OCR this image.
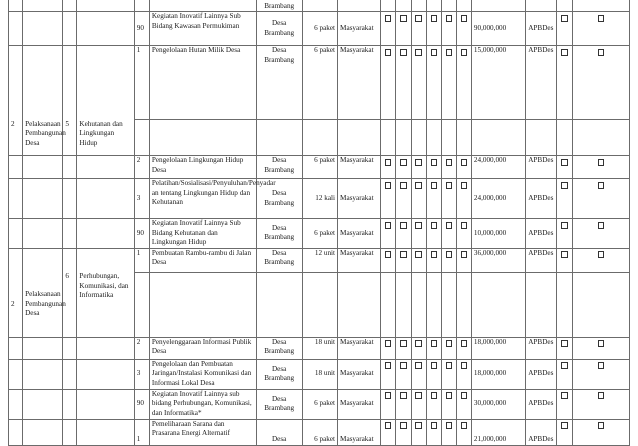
						Brambang												
				90	Kegiatan Inovatif Lainnya Sub Bidang Kawasan Permukiman	Desa Brambang	6 paket	Masyarakat							90,000,000	APBDes		
				1	Pengelolaan Hutan Milik Desa	Desa Brambang	6 paket	Masyarakat							15,000,000	APBDes		
2	Pelaksanaan Pembangunan Desa	5	Kehutanan dan Lingkungan Hidup															
				2	Pengelolaan Lingkungan Hidup Desa	Desa Brambang	6 paket	Masyarakat							24,000,000	APBDes		
				3	Pelatihan/Sosialisasi/Penyuluhan/Penyadar an tentang Lingkungan Hidup dan Kehutanan	Desa Brambang	12 kali	Masyarakat							24,000,000	APBDes		
				90	Kegiatan Inovatif Lainnya Sub Bidang Kehutanan dan Lingkungan Hidup	Desa Brambang	6 paket	Masyarakat							10,000,000	APBDes		
				1	Pembuatan Rambu-rambu di Jalan Desa	Desa Brambang	12 unit	Masyarakat							36,000,000	APBDes		
2	Pelaksanaan Pembangunan Desa	6	Perhubungan, Komunikasi, dan Informatika															
				2	Penyelenggaraan Informasi Publik Desa	Desa Brambang	18 unit	Masyarakat							18,000,000	APBDes		
				3	Pengelolaan dan Pembuatan Jaringan/Instalasi Komunikasi dan Informasi Lokal Desa	Desa Brambang	18 unit	Masyarakat							18,000,000	APBDes		
				90	Kegiatan Inovatif Lainnya sub bidang Perhubungan, Komunikasi, dan Informatika*	Desa Brambang	6 paket	Masyarakat							30,000,000	APBDes		
				1	Pemeliharaan Sarana dan Prasarana Energi Alternatif	Desa	6 paket	Masyarakat							21,000,000	APBDes		
